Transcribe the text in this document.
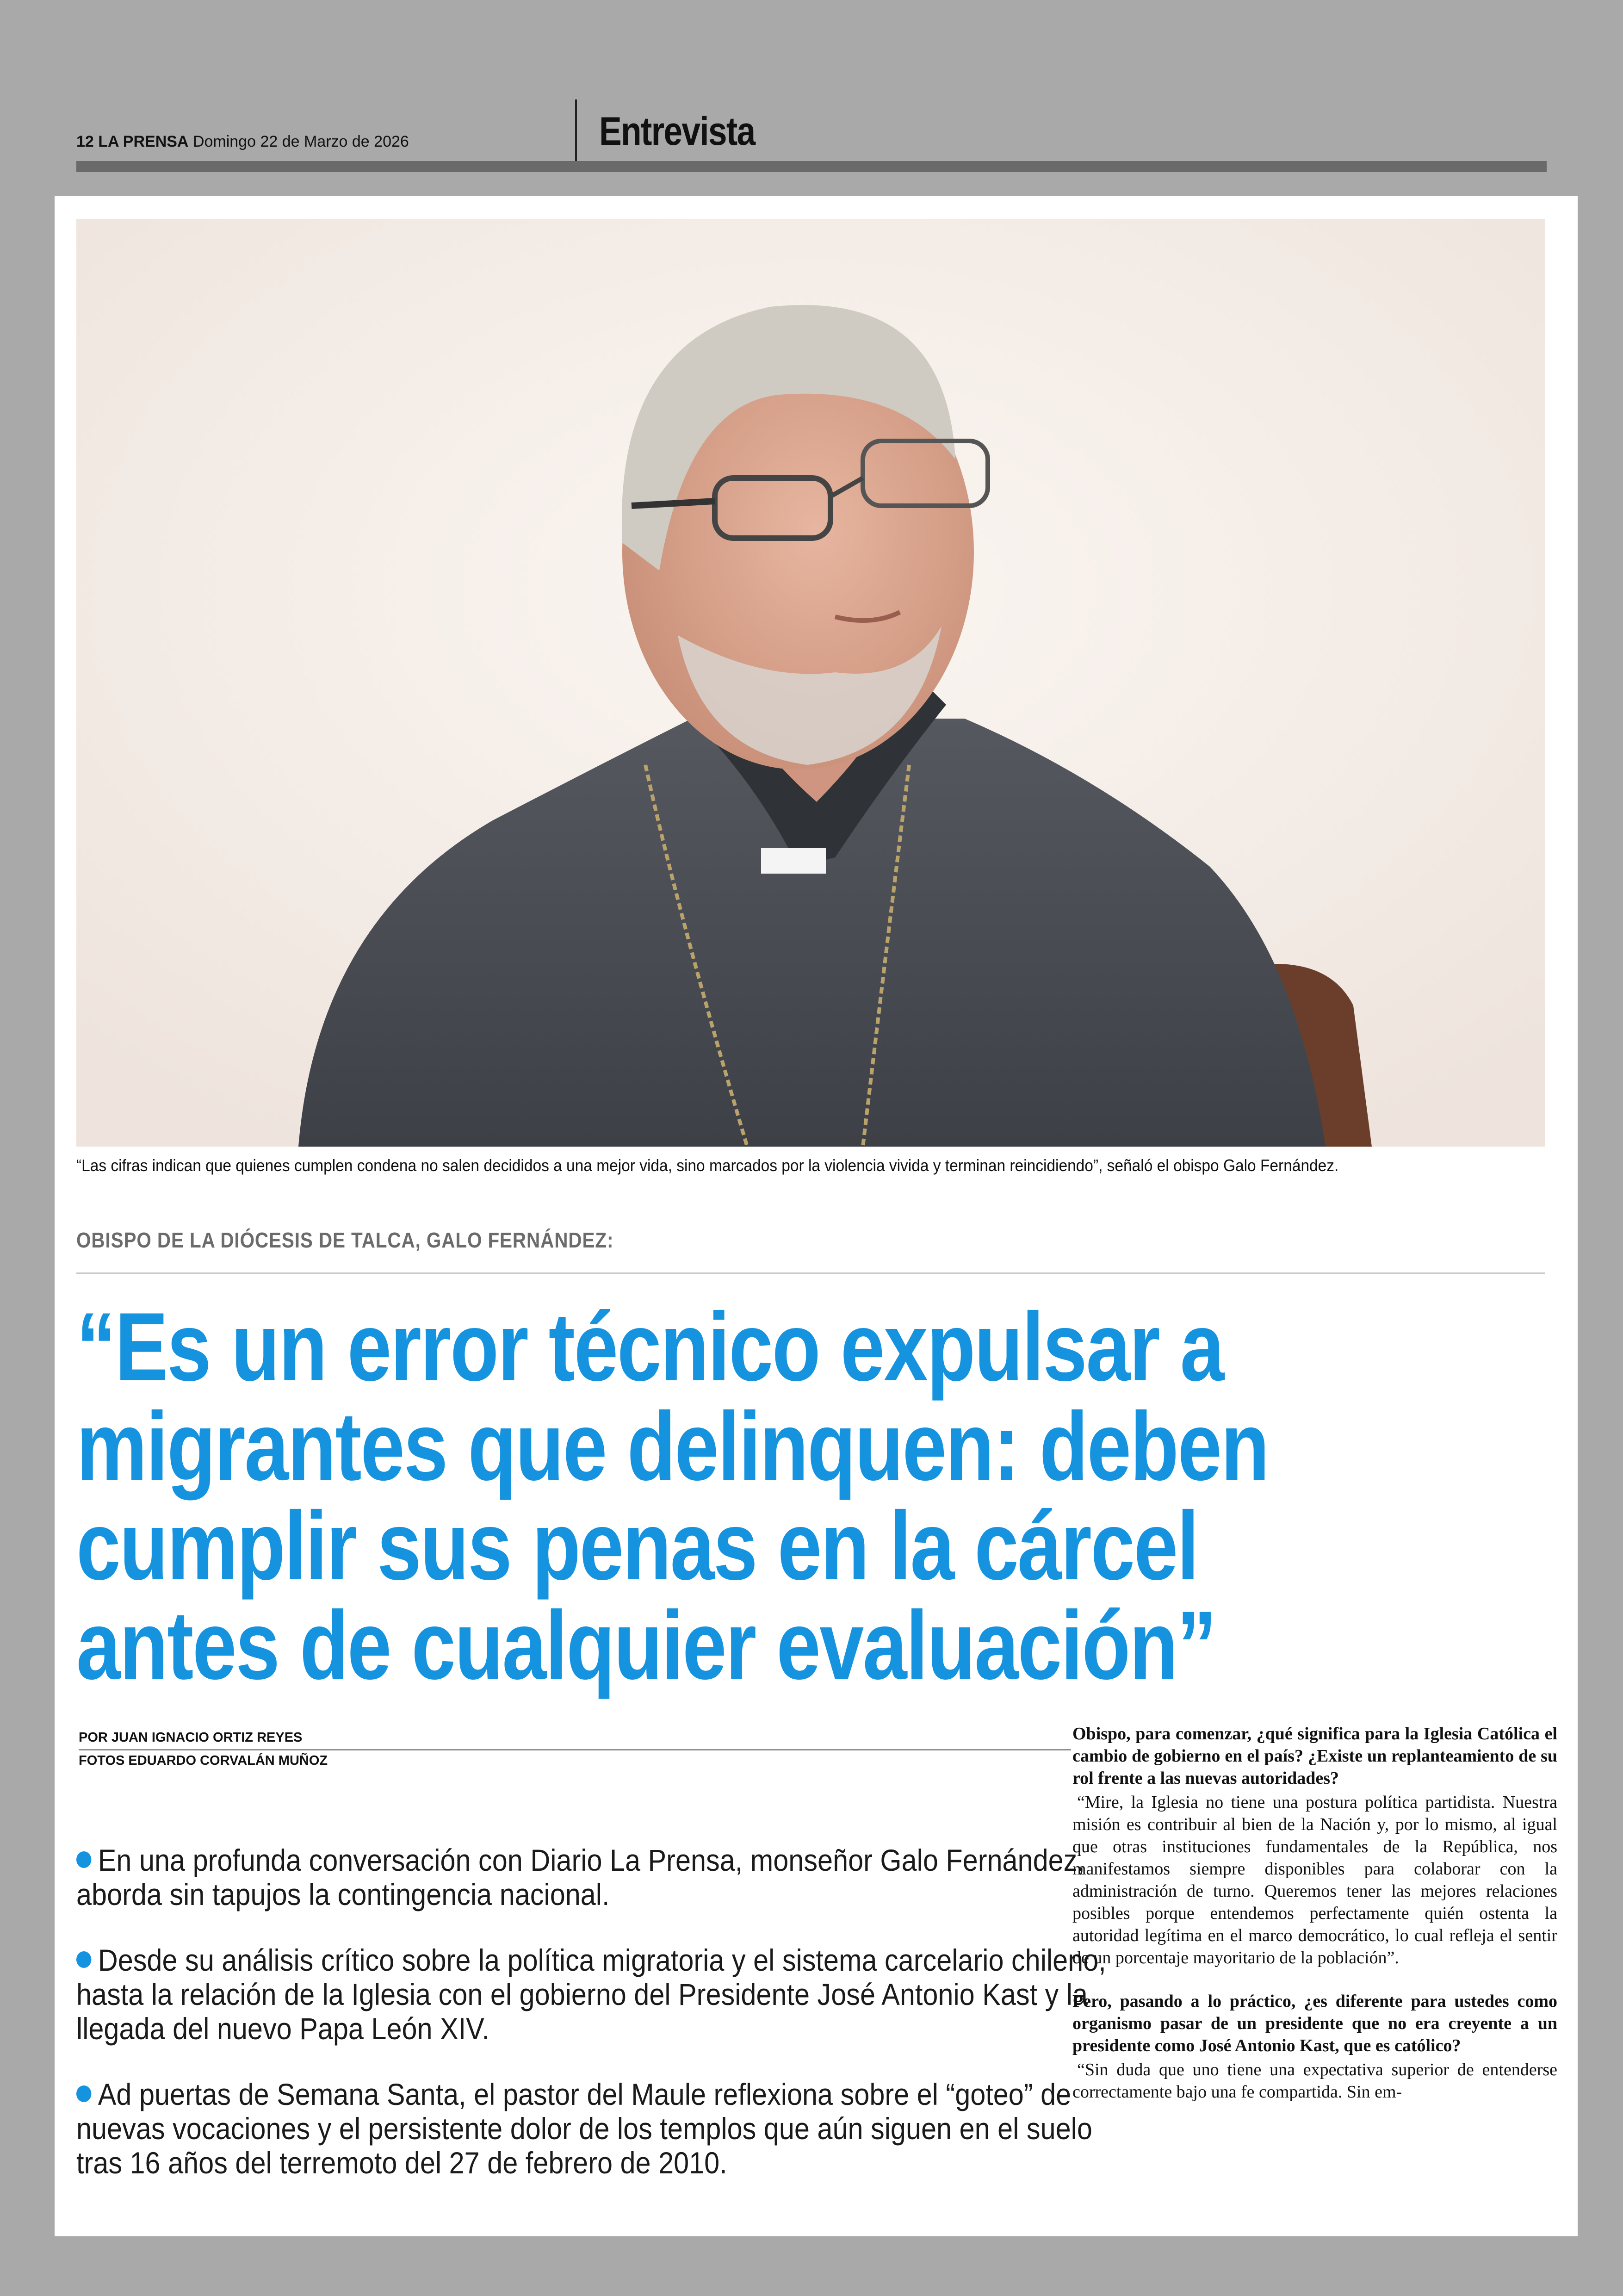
12 LA PRENSA Domingo 22 de Marzo de 2026	Entrevista
“Las cifras indican que quienes cumplen condena no salen decididos a una mejor vida, sino marcados por la violencia vivida y terminan reincidiendo”, señaló el obispo Galo Fernández.
OBISPO DE LA DIÓCESIS DE TALCA, GALO FERNÁNDEZ:
“Es un error técnico expulsar a
migrantes que delinquen: deben
cumplir sus penas en la cárcel
antes de cualquier evaluación”
POR JUAN IGNACIO ORTIZ REYES
FOTOS EDUARDO CORVALÁN MUÑOZ
En una profunda conversación con Diario La Prensa, monseñor Galo Fernández, aborda sin tapujos la contingencia nacional.
Desde su análisis crítico sobre la política migratoria y el sistema carcelario chileno, hasta la relación de la Iglesia con el gobierno del Presidente José Antonio Kast y la llegada del nuevo Papa León XIV.
Ad puertas de Semana Santa, el pastor del Maule reflexiona sobre el “goteo” de nuevas vocaciones y el persistente dolor de los templos que aún siguen en el suelo tras 16 años del terremoto del 27 de febrero de 2010.

Obispo, para comenzar, ¿qué significa para la Iglesia Católica el cambio de gobierno en el país? ¿Existe un replanteamiento de su rol frente a las nuevas autoridades?

“Mire, la Iglesia no tiene una postura política partidista. Nuestra misión es contribuir al bien de la Nación y, por lo mismo, al igual que otras instituciones fundamentales de la República, nos manifestamos siempre disponibles para colaborar con la administración de turno. Queremos tener las mejores relaciones posibles porque entendemos perfectamente quién ostenta la autoridad legítima en el marco democrático, lo cual refleja el sentir de un porcentaje mayoritario de la población”.

Pero, pasando a lo práctico, ¿es diferente para ustedes como organismo pasar de un presidente que no era creyente a un presidente como José Antonio Kast, que es católico?

“Sin duda que uno tiene una expectativa superior de entenderse correctamente bajo una fe compartida. Sin em-
